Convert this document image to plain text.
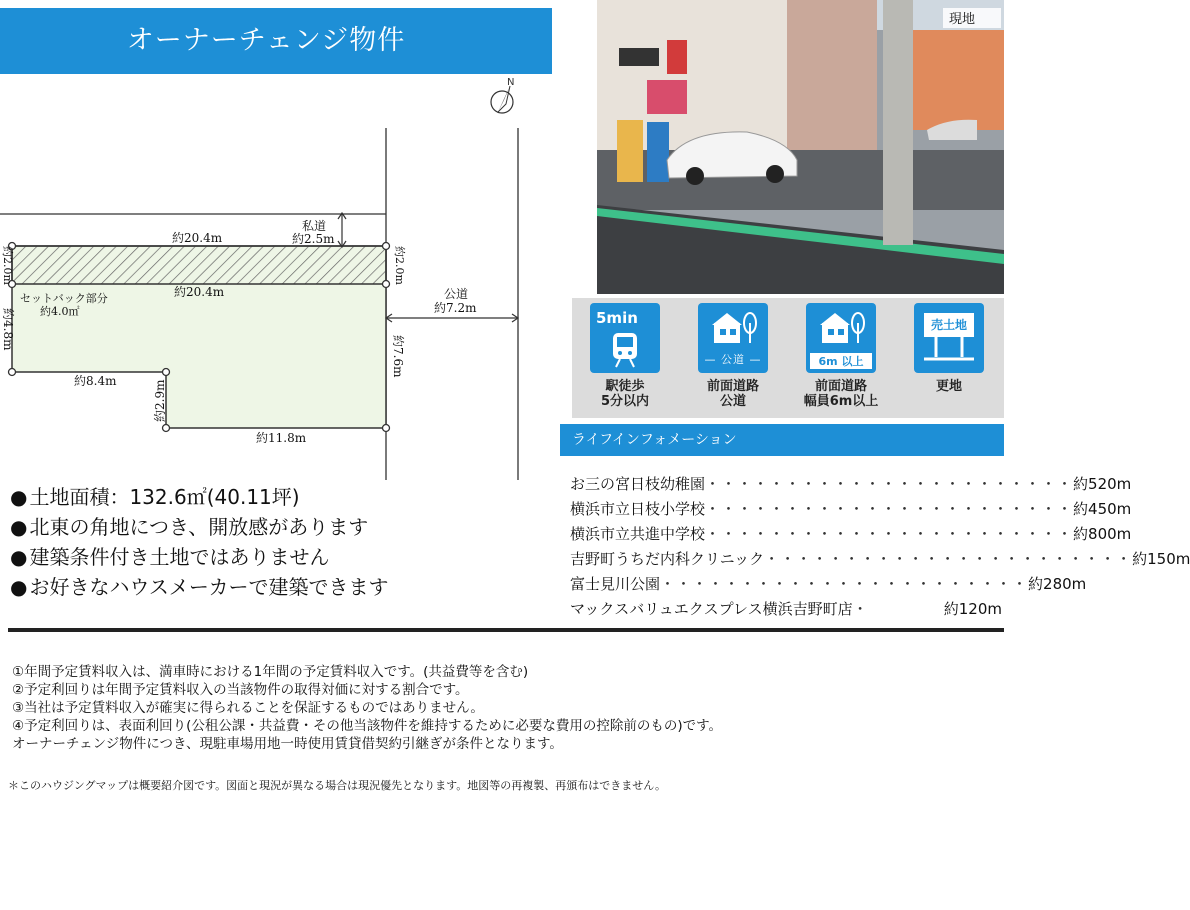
オーナーチェンジ物件
N
私道
約2.5m
約20.4m
約20.4m
セットバック部分
約4.0㎡
公道
約7.2m
約8.4m
約11.8m
約2.0m
約4.8m
約2.0m
約7.6m
約2.9m
現地
5min
駅徒歩
5分以内
— 公道 —
前面道路
公道
6m 以上
前面道路
幅員6m以上
売土地
更地
ライフインフォメーション
お三の宮日枝幼稚園 ・・・・・・・・・・・・・・・・・・・・・・・ 約520m
横浜市立日枝小学校 ・・・・・・・・・・・・・・・・・・・・・・・ 約450m
横浜市立共進中学校 ・・・・・・・・・・・・・・・・・・・・・・・ 約800m
吉野町うちだ内科クリニック ・・・・・・・・・・・・・・・・・・・・・・・ 約150m
富士見川公園 ・・・・・・・・・・・・・・・・・・・・・・・ 約280m
マックスバリュエクスプレス横浜吉野町店 ・	約120m
● 土地面積：132.6㎡(40.11坪)
● 北東の角地につき、開放感があります
● 建築条件付き土地ではありません
● お好きなハウスメーカーで建築できます
①年間予定賃料収入は、満車時における1年間の予定賃料収入です。(共益費等を含む)
②予定利回りは年間予定賃料収入の当該物件の取得対価に対する割合です。
③当社は予定賃料収入が確実に得られることを保証するものではありません。
④予定利回りは、表面利回り(公租公課・共益費・その他当該物件を維持するために必要な費用の控除前のもの)です。
オーナーチェンジ物件につき、現駐車場用地一時使用賃貸借契約引継ぎが条件となります。
＊このハウジングマップは概要紹介図です。図面と現況が異なる場合は現況優先となります。地図等の再複製、再頒布はできません。
